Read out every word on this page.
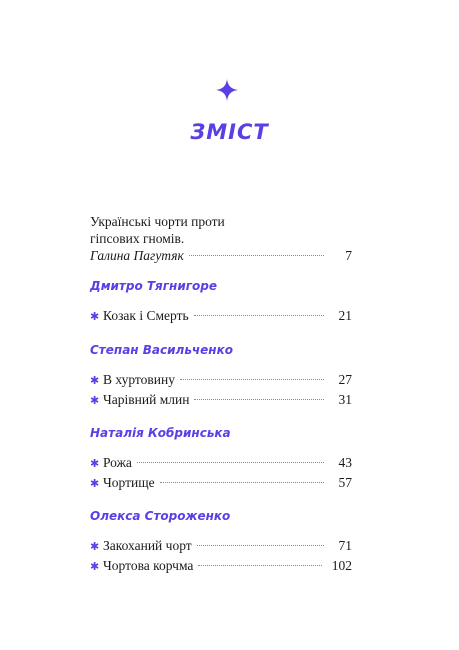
ЗМІСТ
Українські чорти проти
гіпсових гномів.
Галина Пагутяк	7
Дмитро Тягнигоре
✱ Козак і Смерть	21
Степан Васильченко
✱ В хуртовину	27
✱ Чарівний млин	31
Наталія Кобринська
✱ Рожа	43
✱ Чортище	57
Олекса Стороженко
✱ Закоханий чорт	71
✱ Чортова корчма	102
